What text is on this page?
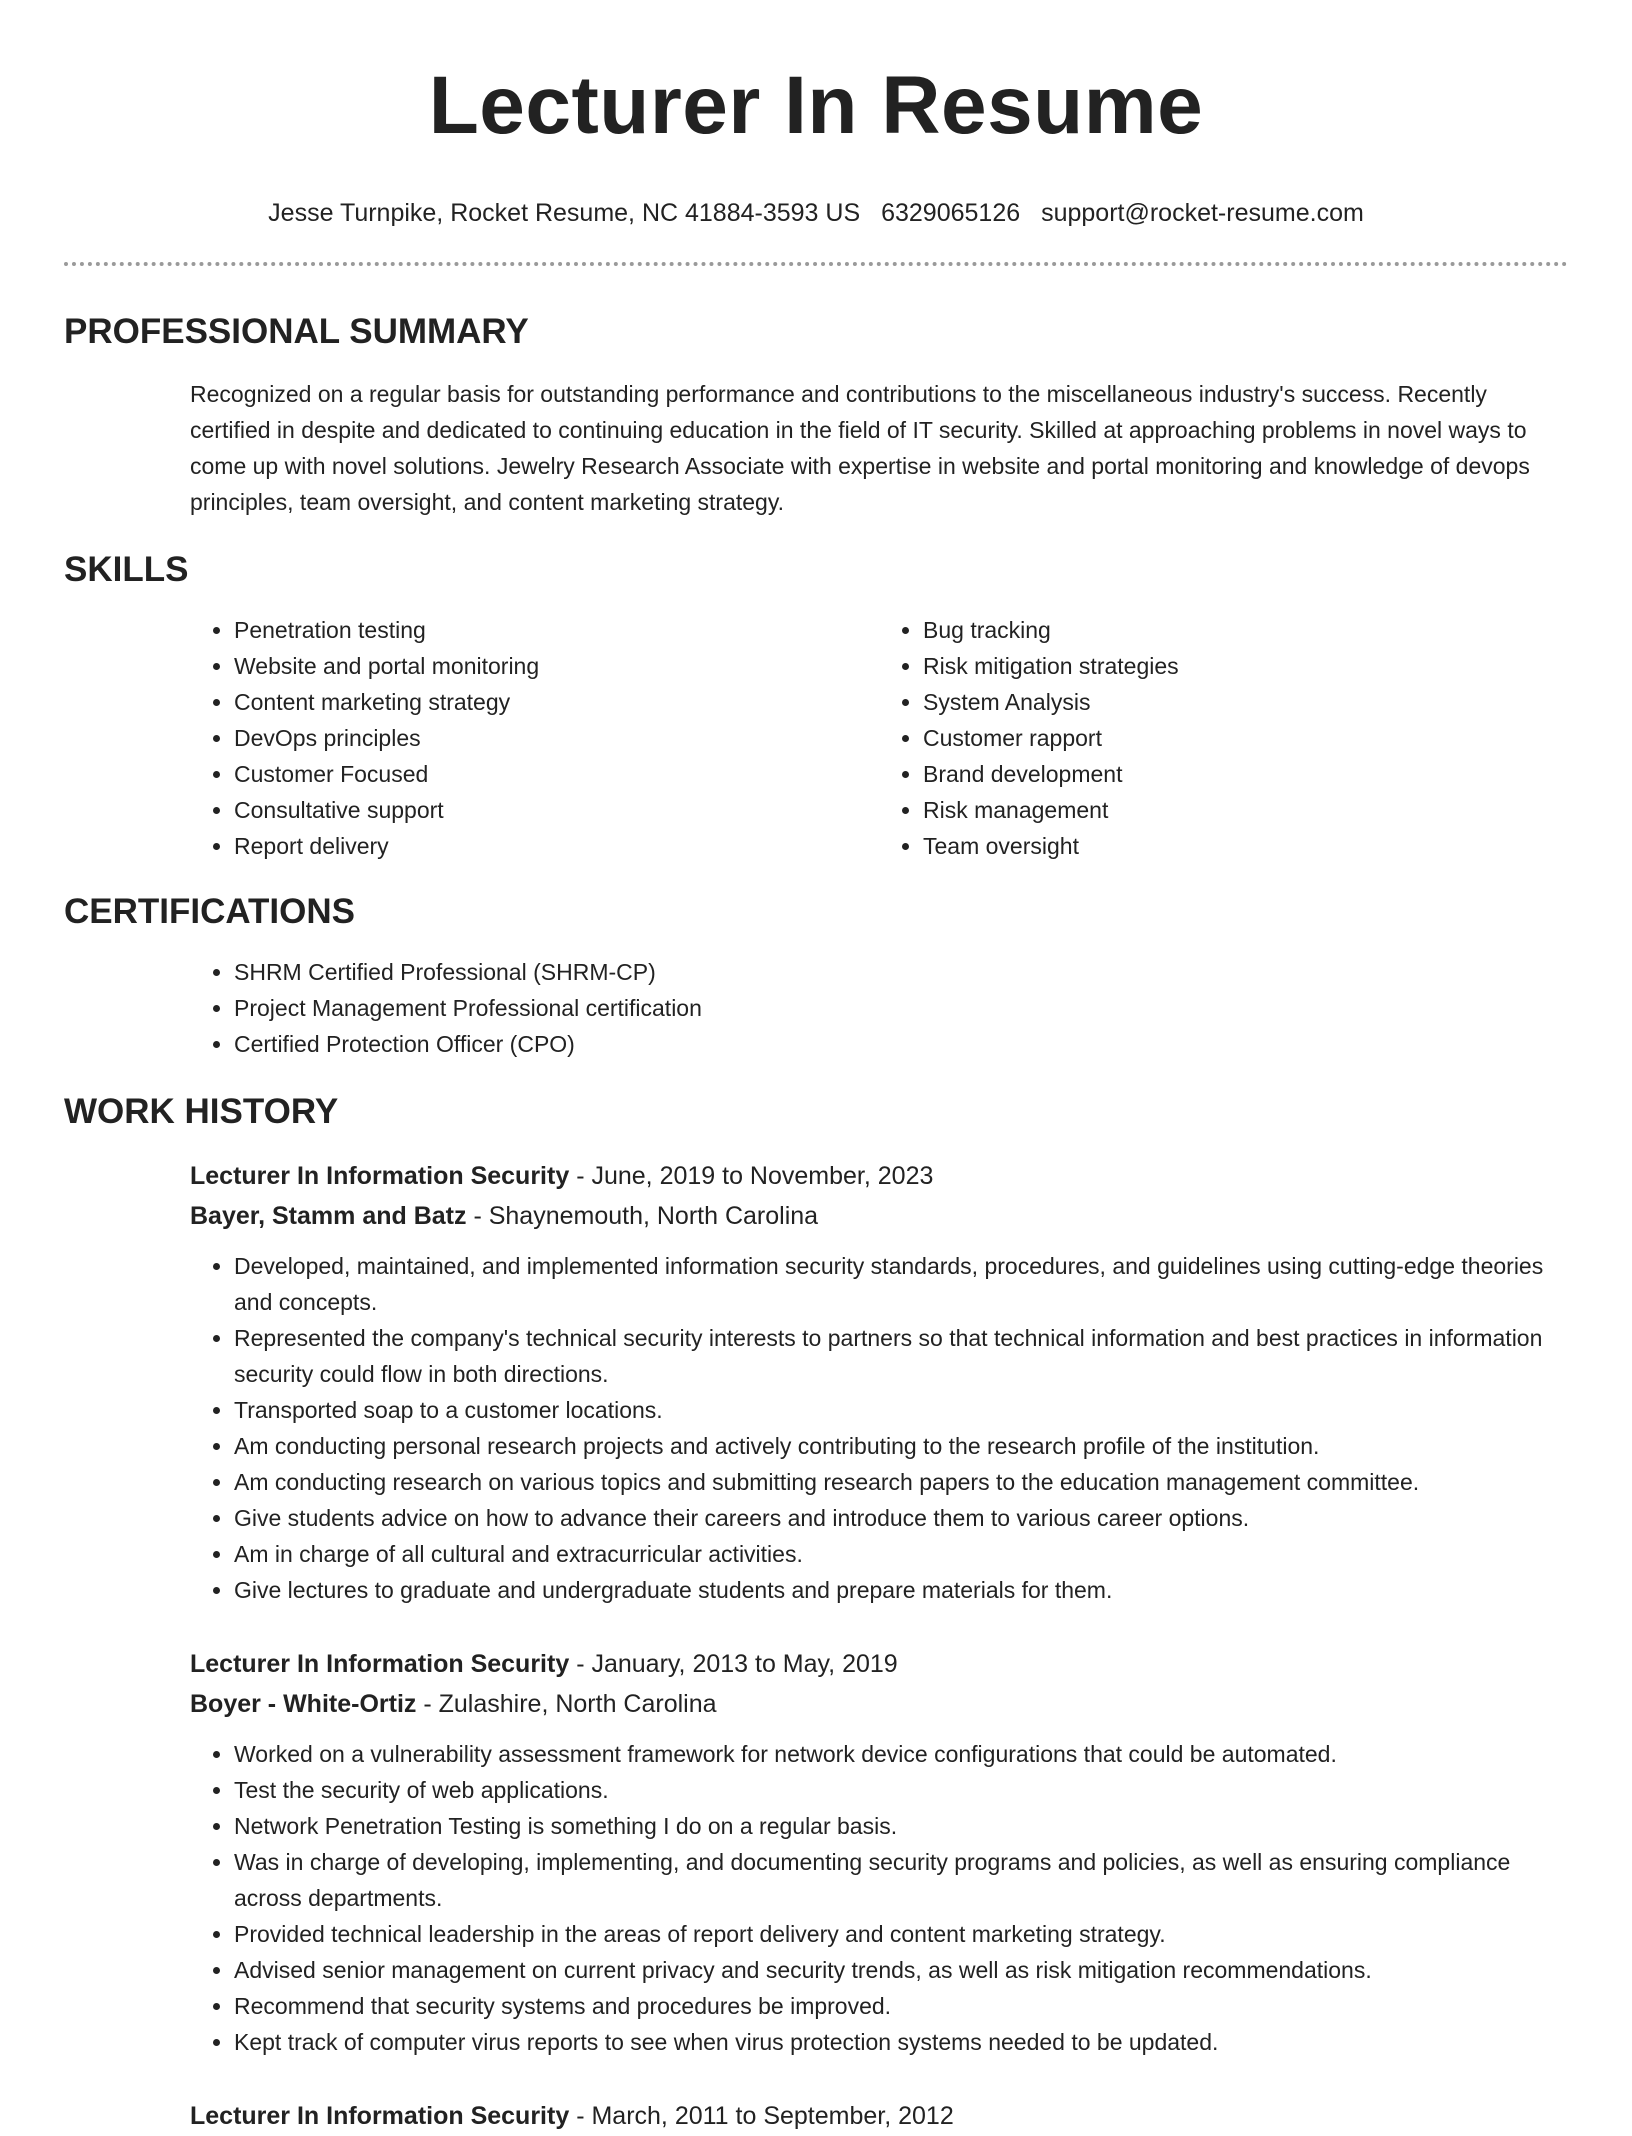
Lecturer In Resume
Jesse Turnpike, Rocket Resume, NC 41884-3593 US 6329065126 support@rocket-resume.com
PROFESSIONAL SUMMARY

Recognized on a regular basis for outstanding performance and contributions to the miscellaneous industry's success. Recently certified in despite and dedicated to continuing education in the field of IT security. Skilled at approaching problems in novel ways to come up with novel solutions. Jewelry Research Associate with expertise in website and portal monitoring and knowledge of devops principles, team oversight, and content marketing strategy.

SKILLS
• Penetration testing
• Website and portal monitoring
• Content marketing strategy
• DevOps principles
• Customer Focused
• Consultative support
• Report delivery
• Bug tracking
• Risk mitigation strategies
• System Analysis
• Customer rapport
• Brand development
• Risk management
• Team oversight
CERTIFICATIONS
• SHRM Certified Professional (SHRM-CP)
• Project Management Professional certification
• Certified Protection Officer (CPO)
WORK HISTORY
Lecturer In Information Security - June, 2019 to November, 2023
Bayer, Stamm and Batz - Shaynemouth, North Carolina
• Developed, maintained, and implemented information security standards, procedures, and guidelines using cutting-edge theories and concepts.
• Represented the company's technical security interests to partners so that technical information and best practices in information security could flow in both directions.
• Transported soap to a customer locations.
• Am conducting personal research projects and actively contributing to the research profile of the institution.
• Am conducting research on various topics and submitting research papers to the education management committee.
• Give students advice on how to advance their careers and introduce them to various career options.
• Am in charge of all cultural and extracurricular activities.
• Give lectures to graduate and undergraduate students and prepare materials for them.
Lecturer In Information Security - January, 2013 to May, 2019
Boyer - White-Ortiz - Zulashire, North Carolina
• Worked on a vulnerability assessment framework for network device configurations that could be automated.
• Test the security of web applications.
• Network Penetration Testing is something I do on a regular basis.
• Was in charge of developing, implementing, and documenting security programs and policies, as well as ensuring compliance across departments.
• Provided technical leadership in the areas of report delivery and content marketing strategy.
• Advised senior management on current privacy and security trends, as well as risk mitigation recommendations.
• Recommend that security systems and procedures be improved.
• Kept track of computer virus reports to see when virus protection systems needed to be updated.
Lecturer In Information Security - March, 2011 to September, 2012
